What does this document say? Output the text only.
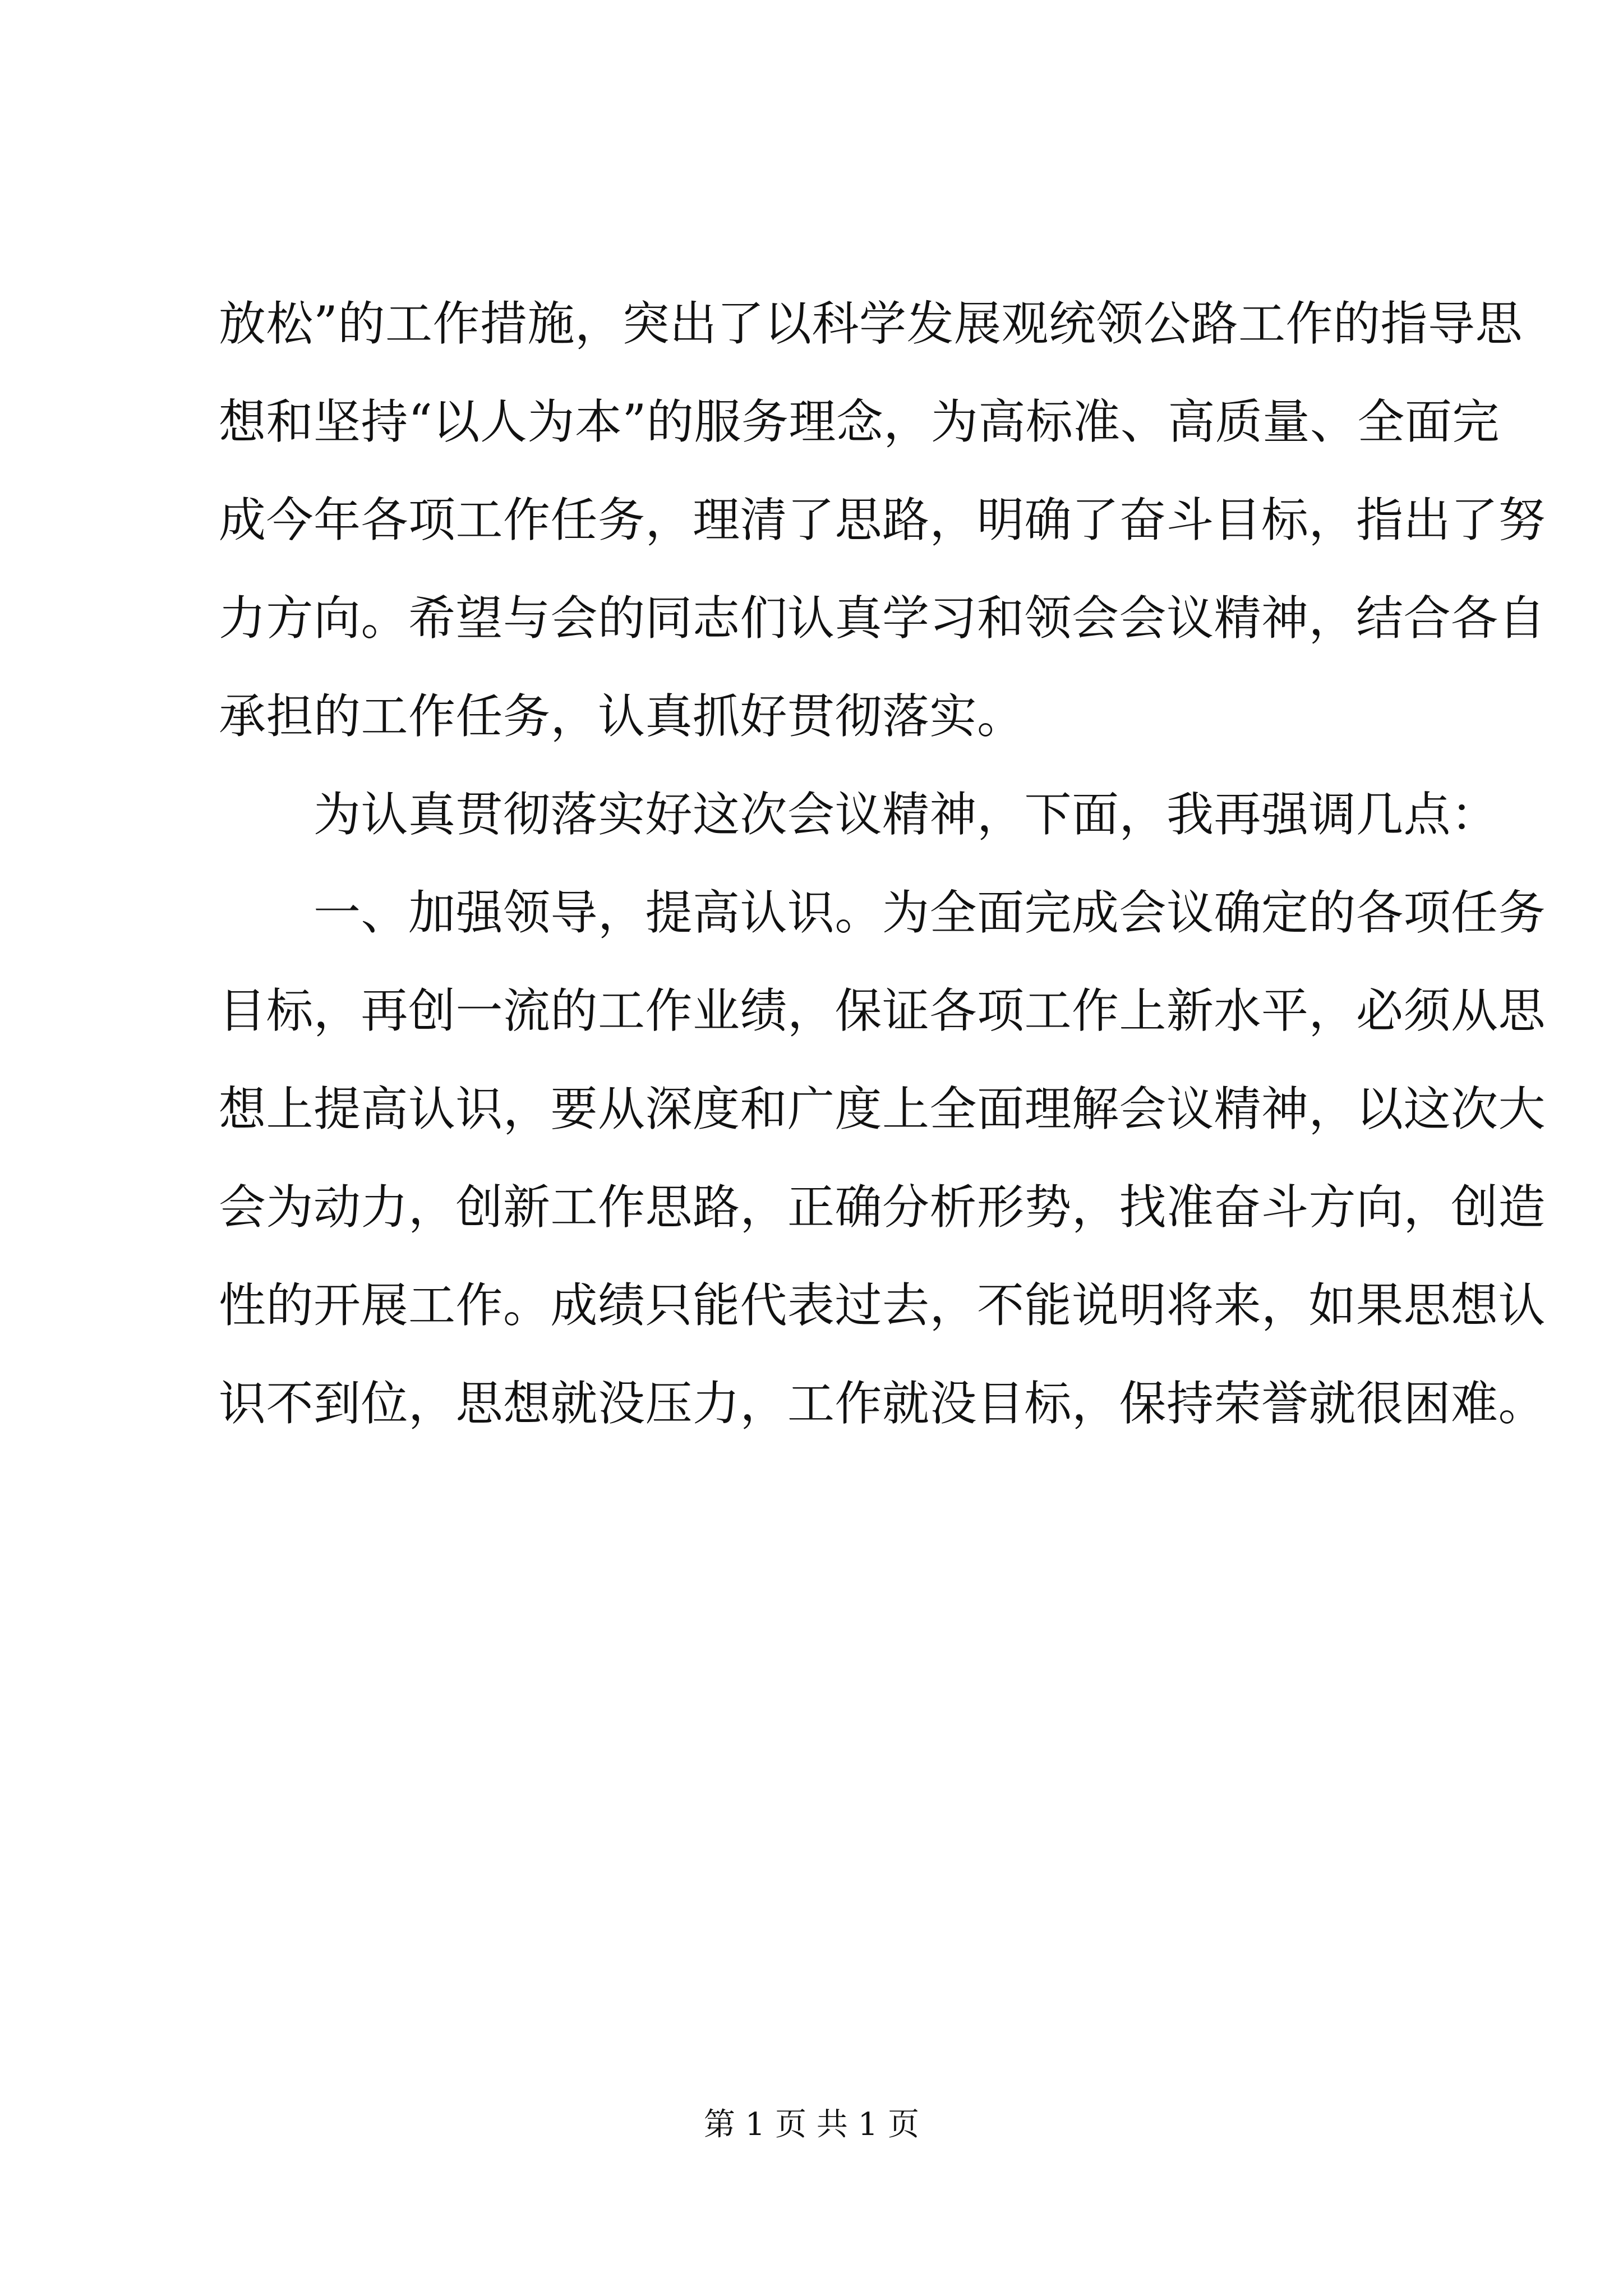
放松”的工作措施，突出了以科学发展观统领公路工作的指导思
想和坚持“以人为本”的服务理念，为高标准、高质量、全面完
成今年各项工作任务，理清了思路，明确了奋斗目标，指出了努
力方向。希望与会的同志们认真学习和领会会议精神，结合各自
承担的工作任务，认真抓好贯彻落实。
　　为认真贯彻落实好这次会议精神，下面，我再强调几点：
　　一、加强领导，提高认识。为全面完成会议确定的各项任务
目标，再创一流的工作业绩，保证各项工作上新水平，必须从思
想上提高认识，要从深度和广度上全面理解会议精神，以这次大
会为动力，创新工作思路，正确分析形势，找准奋斗方向，创造
性的开展工作。成绩只能代表过去，不能说明将来，如果思想认
识不到位，思想就没压力，工作就没目标，保持荣誉就很困难。
第 1 页 共 1 页
